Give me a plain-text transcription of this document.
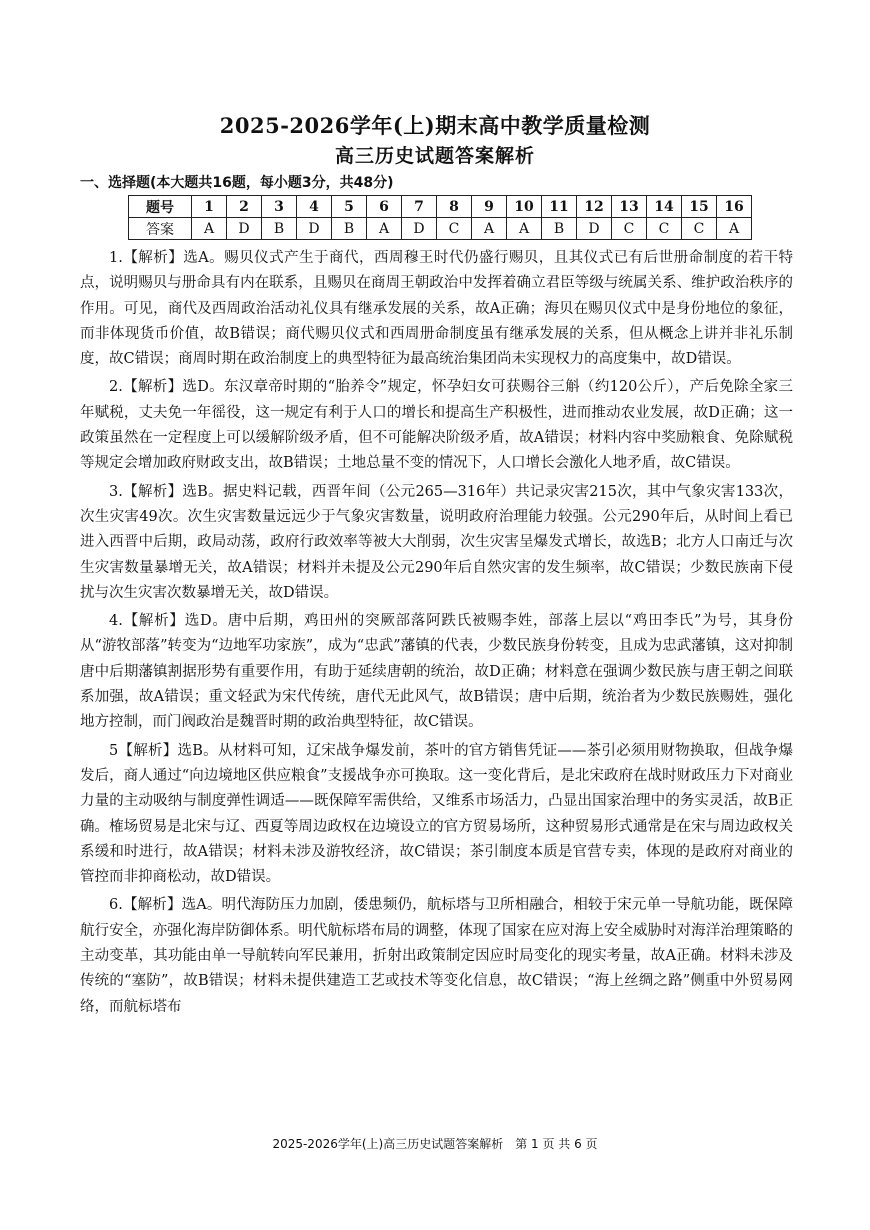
2025-2026学年(上)期末高中教学质量检测
高三历史试题答案解析
一、选择题(本大题共16题，每小题3分，共48分)
题号	1	2	3	4	5	6	7	8	9	10	11	12	13	14	15	16
答案	A	D	B	D	B	A	D	C	A	A	B	D	C	C	C	A

1.【解析】选A。赐贝仪式产生于商代，西周穆王时代仍盛行赐贝，且其仪式已有后世册命制度的若干特点，说明赐贝与册命具有内在联系，且赐贝在商周王朝政治中发挥着确立君臣等级与统属关系、维护政治秩序的作用。可见，商代及西周政治活动礼仪具有继承发展的关系，故A正确；海贝在赐贝仪式中是身份地位的象征，而非体现货币价值，故B错误；商代赐贝仪式和西周册命制度虽有继承发展的关系，但从概念上讲并非礼乐制度，故C错误；商周时期在政治制度上的典型特征为最高统治集团尚未实现权力的高度集中，故D错误。

2.【解析】选D。东汉章帝时期的“胎养令”规定，怀孕妇女可获赐谷三斛（约120公斤），产后免除全家三年赋税，丈夫免一年徭役，这一规定有利于人口的增长和提高生产积极性，进而推动农业发展，故D正确；这一政策虽然在一定程度上可以缓解阶级矛盾，但不可能解决阶级矛盾，故A错误；材料内容中奖励粮食、免除赋税等规定会增加政府财政支出，故B错误；土地总量不变的情况下，人口增长会激化人地矛盾，故C错误。

3.【解析】选B。据史料记载，西晋年间（公元265—316年）共记录灾害215次，其中气象灾害133次，次生灾害49次。次生灾害数量远远少于气象灾害数量，说明政府治理能力较强。公元290年后，从时间上看已进入西晋中后期，政局动荡，政府行政效率等被大大削弱，次生灾害呈爆发式增长，故选B；北方人口南迁与次生灾害数量暴增无关，故A错误；材料并未提及公元290年后自然灾害的发生频率，故C错误；少数民族南下侵扰与次生灾害次数暴增无关，故D错误。

4.【解析】选D。唐中后期，鸡田州的突厥部落阿跌氏被赐李姓，部落上层以“鸡田李氏”为号，其身份从“游牧部落”转变为“边地军功家族”，成为“忠武”藩镇的代表，少数民族身份转变，且成为忠武藩镇，这对抑制唐中后期藩镇割据形势有重要作用，有助于延续唐朝的统治，故D正确；材料意在强调少数民族与唐王朝之间联系加强，故A错误；重文轻武为宋代传统，唐代无此风气，故B错误；唐中后期，统治者为少数民族赐姓，强化地方控制，而门阀政治是魏晋时期的政治典型特征，故C错误。

5【解析】选B。从材料可知，辽宋战争爆发前，茶叶的官方销售凭证——茶引必须用财物换取，但战争爆发后，商人通过“向边境地区供应粮食”支援战争亦可换取。这一变化背后，是北宋政府在战时财政压力下对商业力量的主动吸纳与制度弹性调适——既保障军需供给，又维系市场活力，凸显出国家治理中的务实灵活，故B正确。榷场贸易是北宋与辽、西夏等周边政权在边境设立的官方贸易场所，这种贸易形式通常是在宋与周边政权关系缓和时进行，故A错误；材料未涉及游牧经济，故C错误；茶引制度本质是官营专卖，体现的是政府对商业的管控而非抑商松动，故D错误。

6.【解析】选A。明代海防压力加剧，倭患频仍，航标塔与卫所相融合，相较于宋元单一导航功能，既保障航行安全，亦强化海岸防御体系。明代航标塔布局的调整，体现了国家在应对海上安全威胁时对海洋治理策略的主动变革，其功能由单一导航转向军民兼用，折射出政策制定因应时局变化的现实考量，故A正确。材料未涉及传统的“塞防”，故B错误；材料未提供建造工艺或技术等变化信息，故C错误；“海上丝绸之路”侧重中外贸易网络，而航标塔布

2025-2026学年(上)高三历史试题答案解析　第 1 页 共 6 页
